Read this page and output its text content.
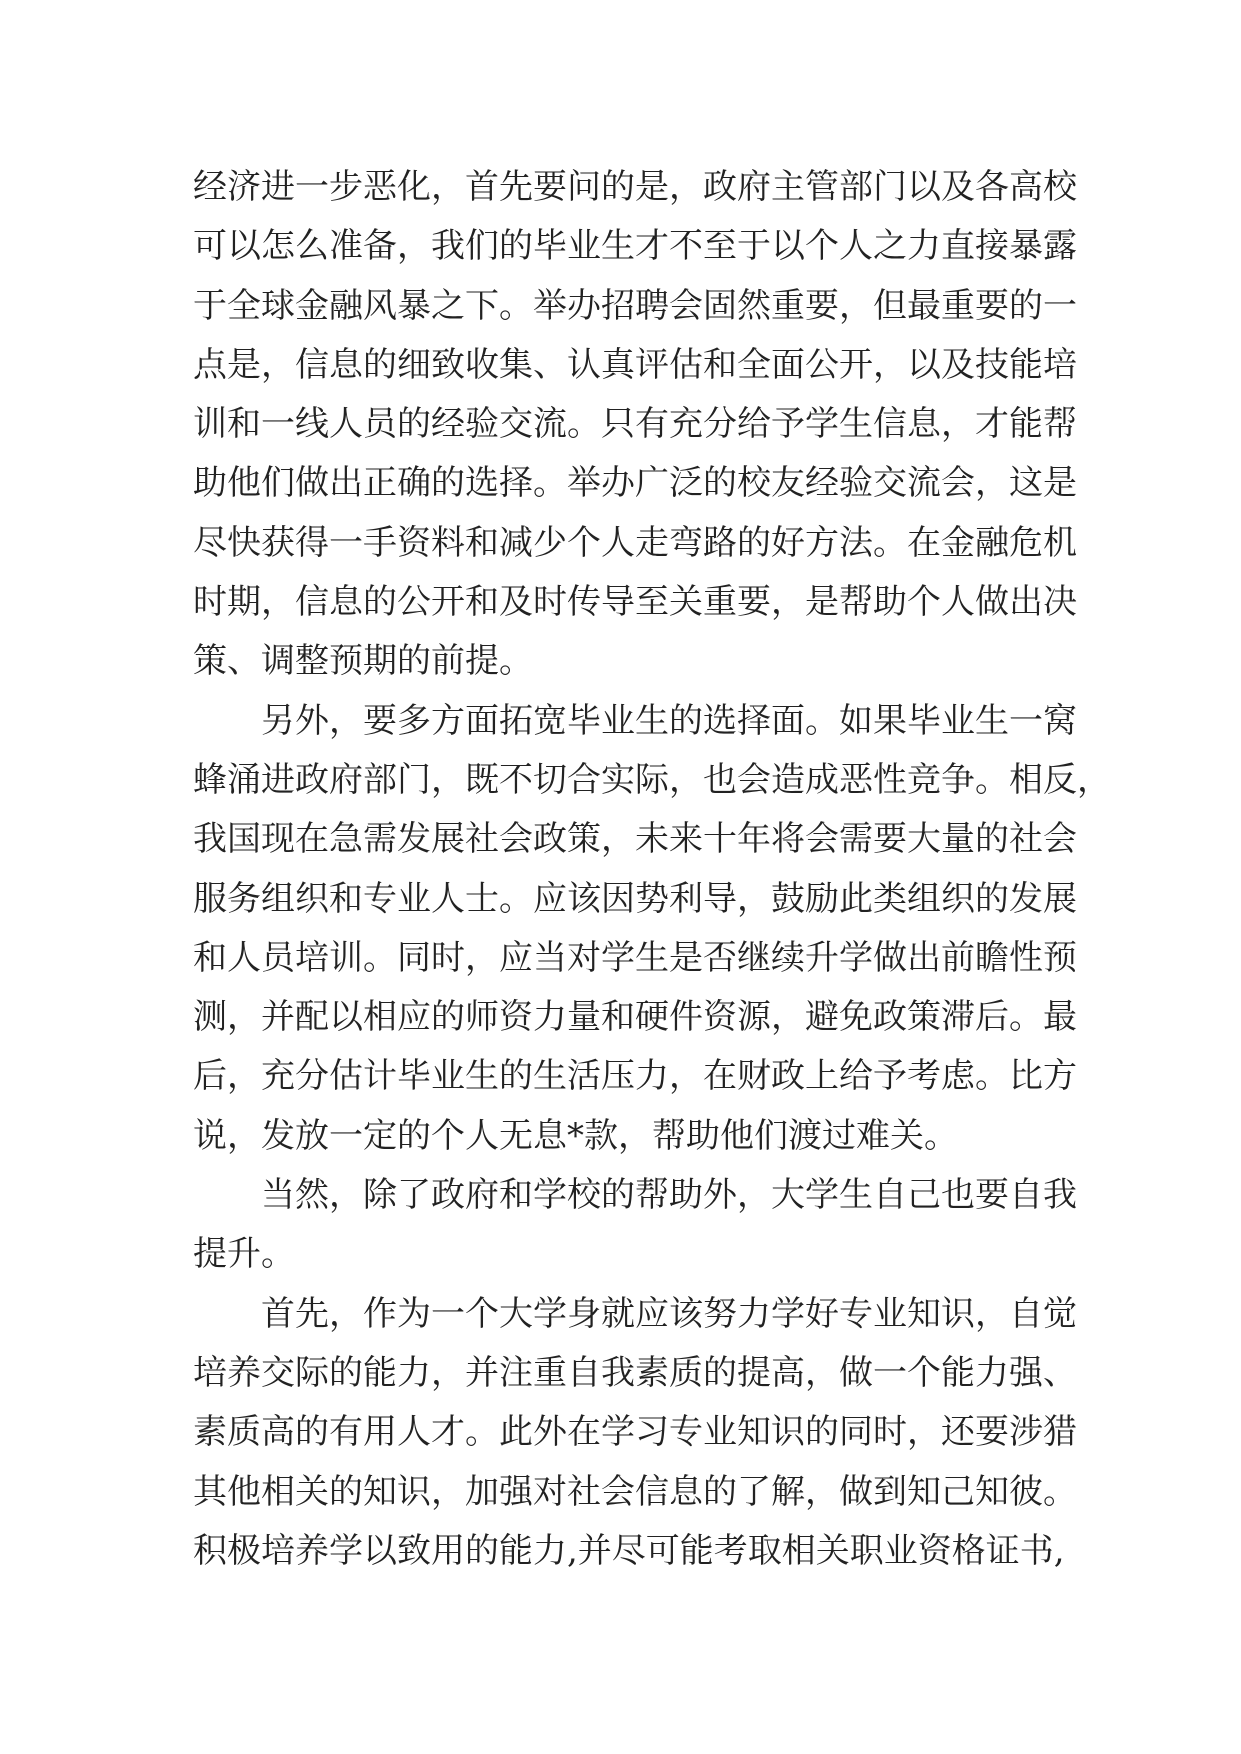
经济进一步恶化，首先要问的是，政府主管部门以及各高校
可以怎么准备，我们的毕业生才不至于以个人之力直接暴露
于全球金融风暴之下。举办招聘会固然重要，但最重要的一
点是，信息的细致收集、认真评估和全面公开，以及技能培
训和一线人员的经验交流。只有充分给予学生信息，才能帮
助他们做出正确的选择。举办广泛的校友经验交流会，这是
尽快获得一手资料和减少个人走弯路的好方法。在金融危机
时期，信息的公开和及时传导至关重要，是帮助个人做出决
策、调整预期的前提。
另外，要多方面拓宽毕业生的选择面。如果毕业生一窝
蜂涌进政府部门，既不切合实际，也会造成恶性竞争。相反，
我国现在急需发展社会政策，未来十年将会需要大量的社会
服务组织和专业人士。应该因势利导，鼓励此类组织的发展
和人员培训。同时，应当对学生是否继续升学做出前瞻性预
测，并配以相应的师资力量和硬件资源，避免政策滞后。最
后，充分估计毕业生的生活压力，在财政上给予考虑。比方
说，发放一定的个人无息*款，帮助他们渡过难关。
当然，除了政府和学校的帮助外，大学生自己也要自我
提升。
首先，作为一个大学身就应该努力学好专业知识，自觉
培养交际的能力，并注重自我素质的提高，做一个能力强、
素质高的有用人才。此外在学习专业知识的同时，还要涉猎
其他相关的知识，加强对社会信息的了解，做到知己知彼。
积极培养学以致用的能力,并尽可能考取相关职业资格证书,
